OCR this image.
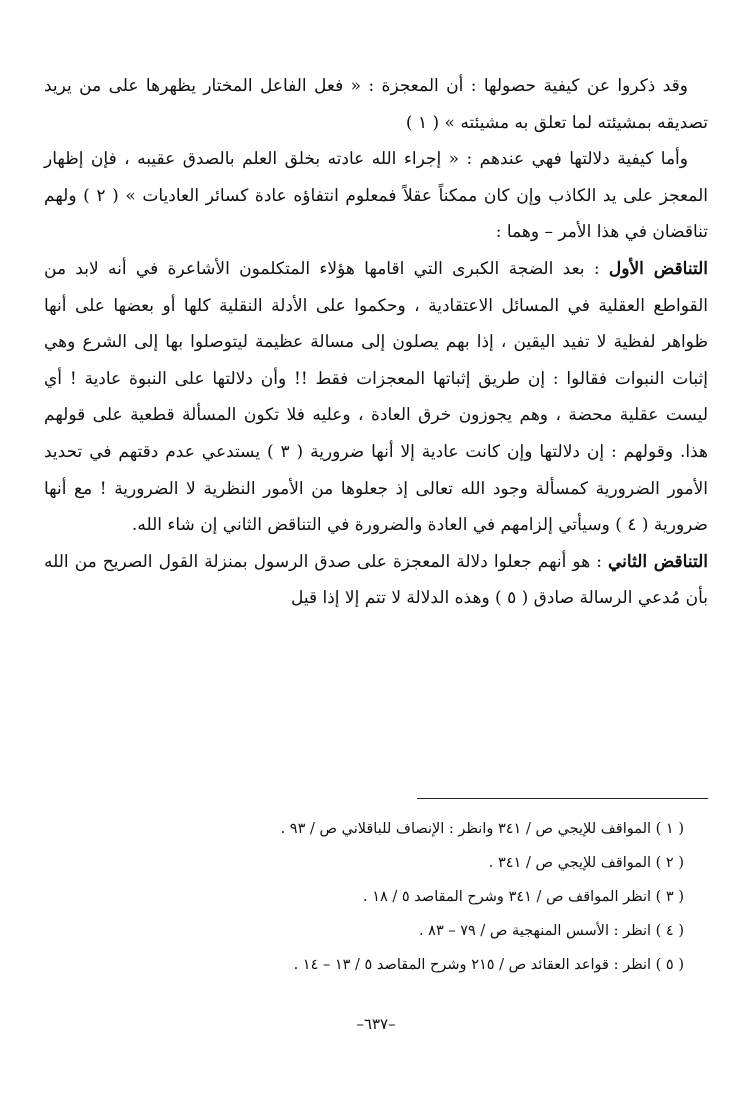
وقد ذكروا عن كيفية حصولها : أن المعجزة : « فعل الفاعل المختار يظهرها على من يريد تصديقه بمشيئته لما تعلق به مشيئته » ( ١ )

وأما كيفية دلالتها فهي عندهم : « إجراء الله عادته بخلق العلم بالصدق عقيبه ، فإن إظهار المعجز على يد الكاذب وإن كان ممكناً عقلاً فمعلوم انتفاؤه عادة كسائر العاديات » ( ٢ ) ولهم تناقضان في هذا الأمر – وهما :

التناقض الأول : بعد الضجة الكبرى التي اقامها هؤلاء المتكلمون الأشاعرة في أنه لابد من القواطع العقلية في المسائل الاعتقادية ، وحكموا على الأدلة النقلية كلها أو بعضها على أنها ظواهر لفظية لا تفيد اليقين ، إذا بهم يصلون إلى مسالة عظيمة ليتوصلوا بها إلى الشرع وهي إثبات النبوات فقالوا : إن طريق إثباتها المعجزات فقط !! وأن دلالتها على النبوة عادية ! أي ليست عقلية محضة ، وهم يجوزون خرق العادة ، وعليه فلا تكون المسألة قطعية على قولهم هذا. وقولهم : إن دلالتها وإن كانت عادية إلا أنها ضرورية ( ٣ ) يستدعي عدم دقتهم في تحديد الأمور الضرورية كمسألة وجود الله تعالى إذ جعلوها من الأمور النظرية لا الضرورية ! مع أنها ضرورية ( ٤ ) وسيأتي إلزامهم في العادة والضرورة في التناقض الثاني إن شاء الله.

التناقض الثاني : هو أنهم جعلوا دلالة المعجزة على صدق الرسول بمنزلة القول الصريح من الله بأن مُدعي الرسالة صادق ( ٥ ) وهذه الدلالة لا تتم إلا إذا قيل

( ١ ) المواقف للإيجي ص / ٣٤١ وانظر : الإنصاف للباقلاني ص / ٩٣ .
( ٢ ) المواقف للإيجي ص / ٣٤١ .
( ٣ ) انظر المواقف ص / ٣٤١ وشرح المقاصد ٥ / ١٨ .
( ٤ ) انظر : الأسس المنهجية ص / ٧٩ – ٨٣ .
( ٥ ) انظر : قواعد العقائد ص / ٢١٥ وشرح المقاصد ٥ / ١٣ – ١٤ .
–٦٣٧–
